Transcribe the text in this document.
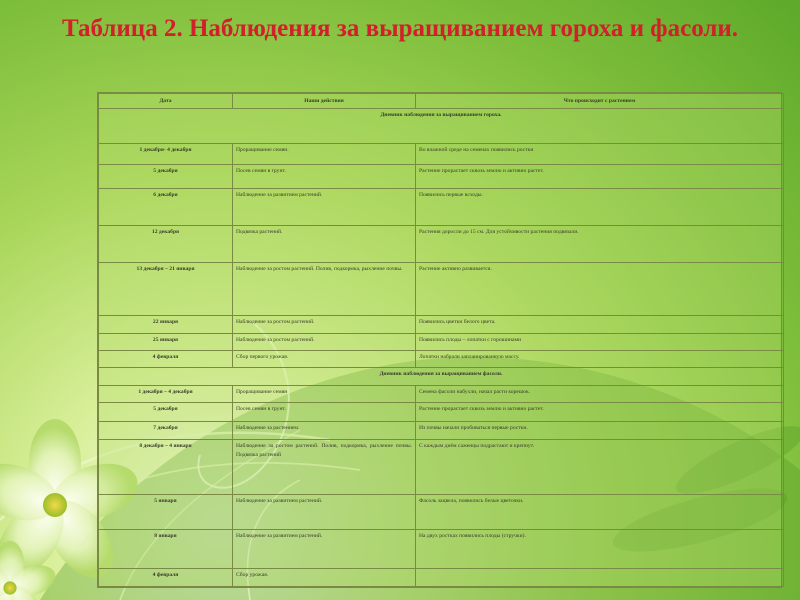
Таблица 2. Наблюдения за выращиванием гороха и фасоли.
Дата	Наши действия	Что происходит с растением
Дневник наблюдения за выращиванием гороха.		
1 декабря- 4 декабря	Проращивание семян.	Во влажной среде на семенах появились ростки
5 декабря	Посев семян в грунт.	Растение прорастает сквозь землю и активно растет.
6 декабря	Наблюдение за развитием растений.	Появились первые всходы.
12 декабря	Подвязка растений.	Растения доросли до 15 см. Для устойчивости растения подвязали.
13 декабря – 21 января	Наблюдение за ростом растений. Полив, подкормка, рыхление почвы.	Растение активно развивается.
22 января	Наблюдение за ростом растений.	Появились цветки белого цвета.
25 января	Наблюдение за ростом растений.	Появились плоды – лопатки с горошинами
4 февраля	Сбор первого урожая.	Лопатки набрали запланированную массу.
Дневник наблюдения за выращиванием фасоли.		
1 декабря – 4 декабря	Проращивание семян	Семена фасоли набухли, начал расти корешок.
5 декабря	Посев семян в грунт.	Растение прорастает сквозь землю и активно растет.
7 декабря	Наблюдение за растением.	Из почвы начали пробиваться первые ростки.
8 декабря – 4 января	Наблюдение за ростом растений. Полив, подкормка, рыхление почвы. Подвязка растений	С каждым днём саженцы подрастают и крепнут.
5 января	Наблюдение за развитием растений.	Фасоль зацвела, появились белые цветочки.
8 января	Наблюдение за развитием растений.	На двух ростках появились плоды (стручки).
4 февраля	Сбор урожая.	
